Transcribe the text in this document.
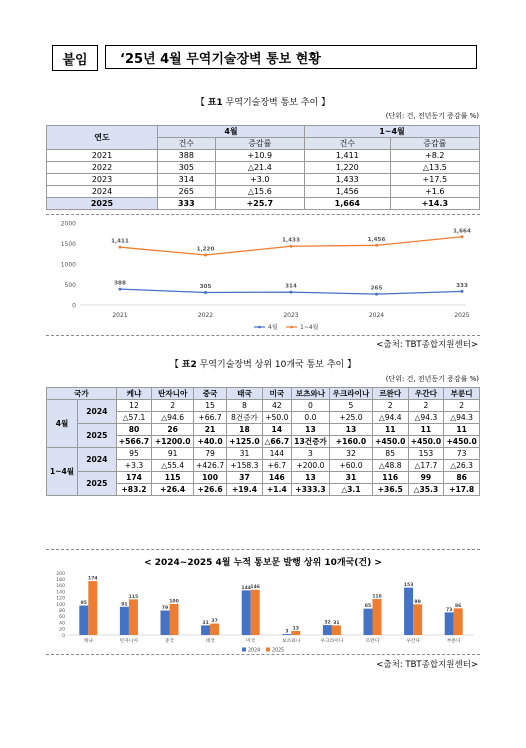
붙임	‘25년 4월 무역기술장벽 통보 현황
【 표1 무역기술장벽 통보 추이 】
(단위: 건, 전년동기 증감률 %)
연도	4월		1~4월	
	건수	증감률	건수	증감률
2021	388	+10.9	1,411	+8.2
2022	305	△21.4	1,220	△13.5
2023	314	+3.0	1,433	+17.5
2024	265	△15.6	1,456	+1.6
2025	333	+25.7	1,664	+14.3
0
500
1000
1500
2000
2021	2022	2023	2024	2025
388
305	314	265	333
1,411
1,220
1,433	1,456
1,664
4월	1~4월
<출처: TBT종합지원센터>
【 표2 무역기술장벽 상위 10개국 통보 추이 】
(단위: 건, 전년동기 증감률 %)
국가		케냐	탄자니아	중국	태국	미국	보츠와나	우크라이나	르완다	우간다	부룬디
4월	2024	12	2	15	8	42	0	5	2	2	2
		△57.1	△94.6	+66.7	8건증가	+50.0	0.0	+25.0	△94.4	△94.3	△94.3
	2025	80	26	21	18	14	13	13	11	11	11
		+566.7	+1200.0	+40.0	+125.0	△66.7	13건증가	+160.0	+450.0	+450.0	+450.0
1~4월	2024	95	91	79	31	144	3	32	85	153	73
		+3.3	△55.4	+426.7	+158.3	+6.7	+200.0	+60.0	△48.8	△17.7	△26.3
	2025	174	115	100	37	146	13	31	116	99	86
		+83.2	+26.4	+26.6	+19.4	+1.4	+333.3	△3.1	+36.5	△35.3	+17.8
< 2024~2025 4월 누적 통보문 발행 상위 10개국(건) >
0
20
40
60
80
100
120
140
160
180
200
95
174
케냐
91
115
탄자니아
79
100
중국
31 37
태국
144 146
미국
3
13
보츠와나
32 31
우크라이나
85
116
르완다
153
99
우간다
73
86
부룬디
2024 2025
<출처: TBT종합지원센터>
